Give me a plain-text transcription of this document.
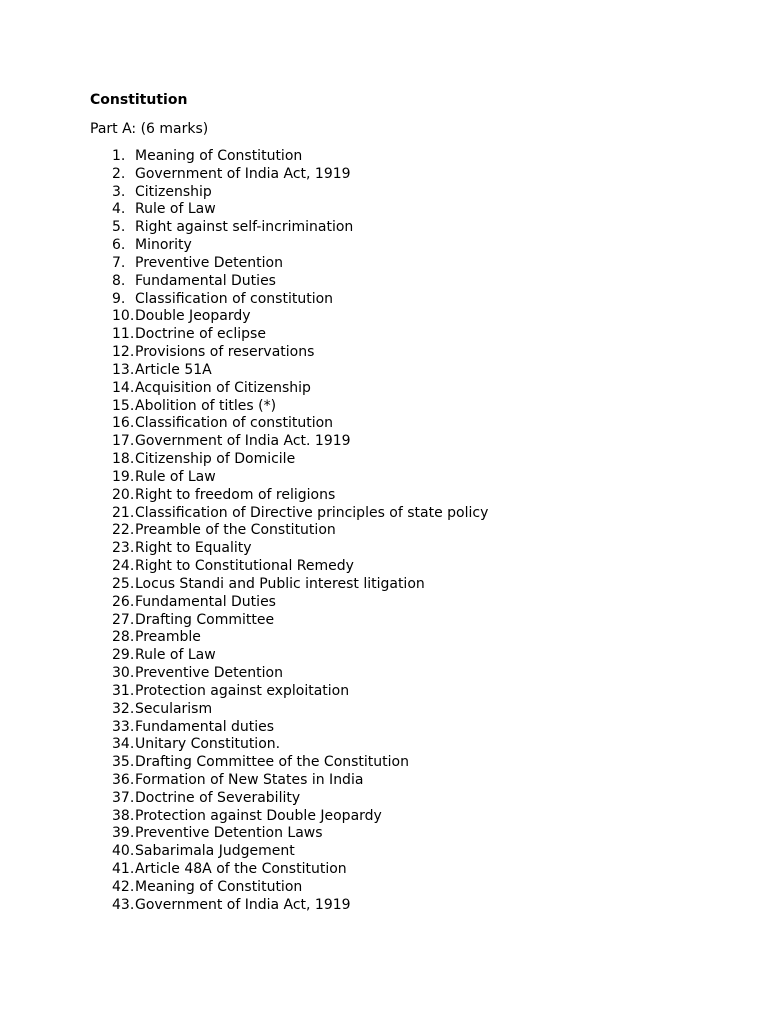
Constitution
Part A: (6 marks)
1. Meaning of Constitution
2. Government of India Act, 1919
3. Citizenship
4. Rule of Law
5. Right against self-incrimination
6. Minority
7. Preventive Detention
8. Fundamental Duties
9. Classification of constitution
10. Double Jeopardy
11. Doctrine of eclipse
12. Provisions of reservations
13. Article 51A
14. Acquisition of Citizenship
15. Abolition of titles (*)
16. Classification of constitution
17. Government of India Act. 1919
18. Citizenship of Domicile
19. Rule of Law
20. Right to freedom of religions
21. Classification of Directive principles of state policy
22. Preamble of the Constitution
23. Right to Equality
24. Right to Constitutional Remedy
25. Locus Standi and Public interest litigation
26. Fundamental Duties
27. Drafting Committee
28. Preamble
29. Rule of Law
30. Preventive Detention
31. Protection against exploitation
32. Secularism
33. Fundamental duties
34. Unitary Constitution.
35. Drafting Committee of the Constitution
36. Formation of New States in India
37. Doctrine of Severability
38. Protection against Double Jeopardy
39. Preventive Detention Laws
40. Sabarimala Judgement
41. Article 48A of the Constitution
42. Meaning of Constitution
43. Government of India Act, 1919
